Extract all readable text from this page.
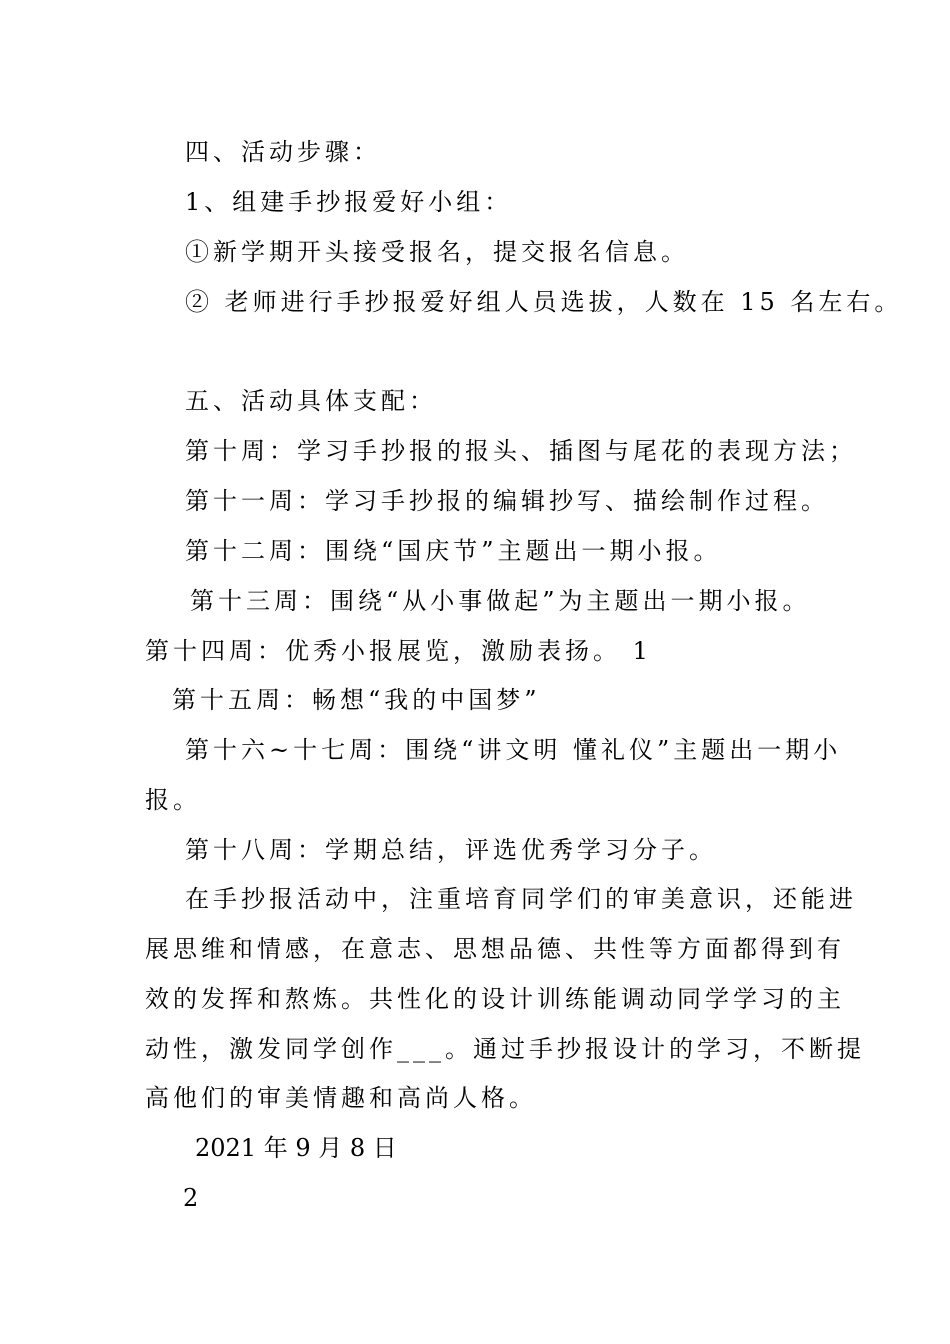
四、活动步骤：
1、组建手抄报爱好小组：
①新学期开头接受报名，提交报名信息。
② 老师进行手抄报爱好组人员选拔，人数在 15 名左右。
五、活动具体支配：
第十周：学习手抄报的报头、插图与尾花的表现方法；
第十一周：学习手抄报的编辑抄写、描绘制作过程。
第十二周：围绕“国庆节”主题出一期小报。
第十三周：围绕“从小事做起”为主题出一期小报。
第十四周：优秀小报展览，激励表扬。 1
第十五周：畅想“我的中国梦”
第十六~十七周：围绕“讲文明 懂礼仪”主题出一期小
报。
第十八周：学期总结，评选优秀学习分子。
在手抄报活动中，注重培育同学们的审美意识，还能进
展思维和情感，在意志、思想品德、共性等方面都得到有
效的发挥和熬炼。共性化的设计训练能调动同学学习的主
动性，激发同学创作___。通过手抄报设计的学习，不断提
高他们的审美情趣和高尚人格。
2021 年 9 月 8 日
2
